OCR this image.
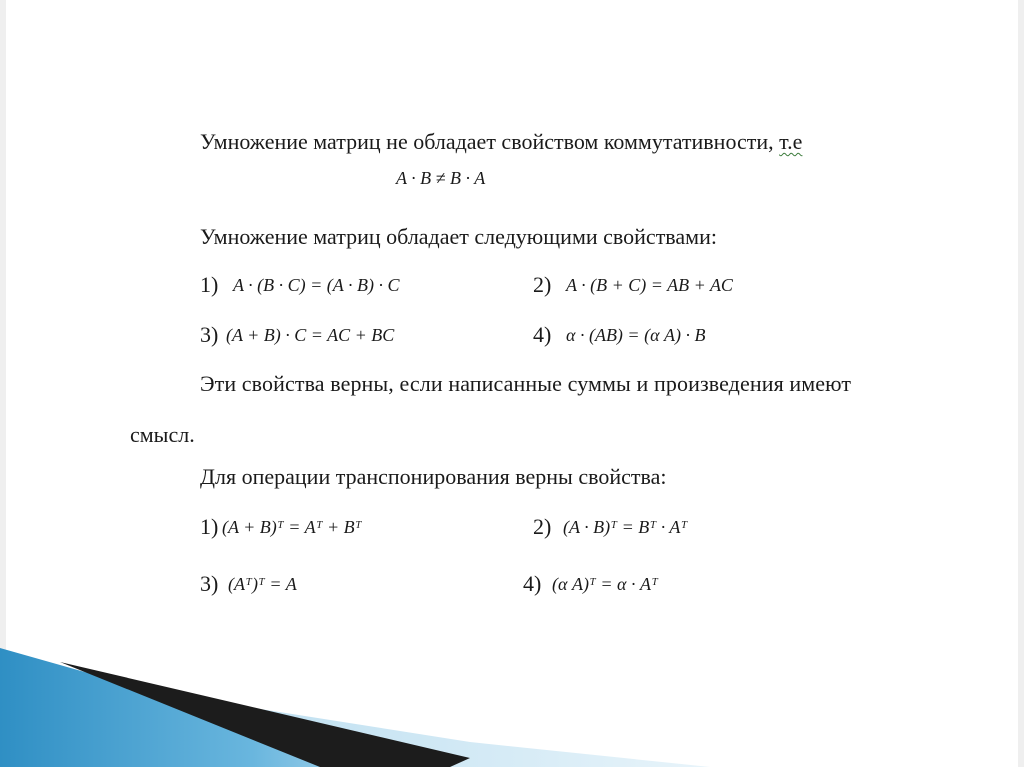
Умножение матриц не обладает свойством коммутативности, т.е
A · B ≠ B · A
Умножение матриц обладает следующими свойствами:
1) A · (B · C) = (A · B) · C	2) A · (B + C) = AB + AC
3) (A + B) · C = AC + BC	4) α · (AB) = (α A) · B
Эти свойства верны, если написанные суммы и произведения имеют
смысл.
Для операции транспонирования верны свойства:
1) (A + B)ᵀ = Aᵀ + Bᵀ	2) (A · B)ᵀ = Bᵀ · Aᵀ
3) (Aᵀ)ᵀ = A	4) (α A)ᵀ = α · Aᵀ
